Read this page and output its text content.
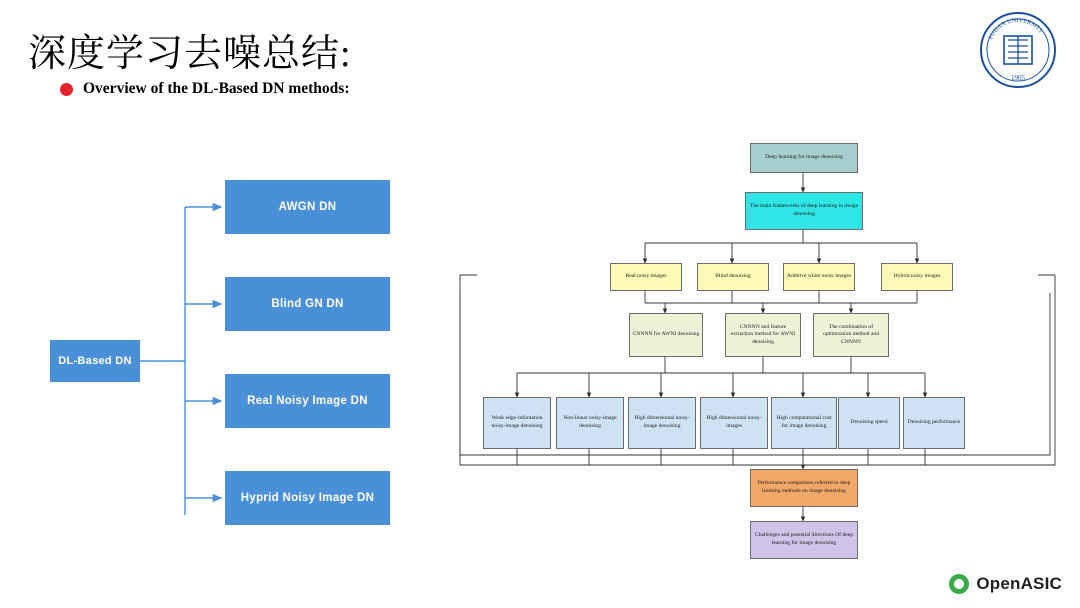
深度学习去噪总结:
Overview of the DL-Based DN methods:
1905
FUDAN UNIVERSITY
DL-Based DN
AWGN DN
Blind GN DN
Real Noisy Image DN
Hyprid Noisy Image DN
Deep learning for image denoising
The main frameworks of deep learning in image denoising
Real noisy images	Blind denoising	Additive white noisy images	Hybrid noisy images
CNNNN for AWNI denoising
CNNNN and feature extraction method for AWNI denoising
The combination of optimization method and CNNNN
Weak edge-infomation noisy-image denoising
Non-linear noisy-image denoising
High dimensional noisy-image denoising
High dimensional noisy-images
High computational cost for image denoising
Denoising speed	Denoising performance
Performance comparison referred to deep learning methods on image denoising
Challenges and potential directions Of deep learning for image denoising
OpenASIC
